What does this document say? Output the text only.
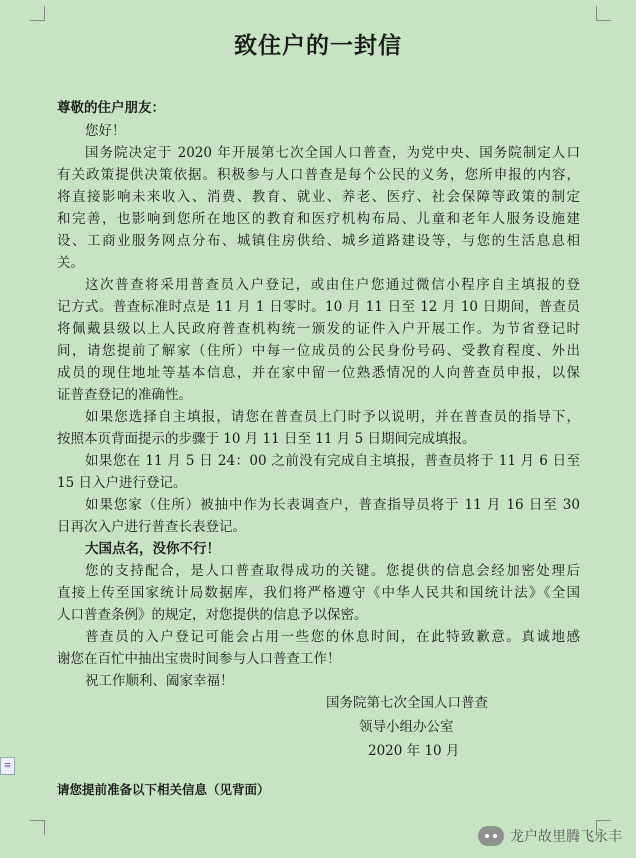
致住户的一封信
尊敬的住户朋友：
您好！
国务院决定于 2020 年开展第七次全国人口普查，为党中央、国务院制定人口
有关政策提供决策依据。积极参与人口普查是每个公民的义务，您所申报的内容，
将直接影响未来收入、消费、教育、就业、养老、医疗、社会保障等政策的制定
和完善，也影响到您所在地区的教育和医疗机构布局、儿童和老年人服务设施建
设、工商业服务网点分布、城镇住房供给、城乡道路建设等，与您的生活息息相
关。
这次普查将采用普查员入户登记，或由住户您通过微信小程序自主填报的登
记方式。普查标准时点是 11 月 1 日零时。10 月 11 日至 12 月 10 日期间，普查员
将佩戴县级以上人民政府普查机构统一颁发的证件入户开展工作。为节省登记时
间，请您提前了解家（住所）中每一位成员的公民身份号码、受教育程度、外出
成员的现住地址等基本信息，并在家中留一位熟悉情况的人向普查员申报，以保
证普查登记的准确性。
如果您选择自主填报，请您在普查员上门时予以说明，并在普查员的指导下，
按照本页背面提示的步骤于 10 月 11 日至 11 月 5 日期间完成填报。
如果您在 11 月 5 日 24：00 之前没有完成自主填报，普查员将于 11 月 6 日至
15 日入户进行登记。
如果您家（住所）被抽中作为长表调查户，普查指导员将于 11 月 16 日至 30
日再次入户进行普查长表登记。
大国点名，没你不行！
您的支持配合，是人口普查取得成功的关键。您提供的信息会经加密处理后
直接上传至国家统计局数据库，我们将严格遵守《中华人民共和国统计法》《全国
人口普查条例》的规定，对您提供的信息予以保密。
普查员的入户登记可能会占用一些您的休息时间，在此特致歉意。真诚地感
谢您在百忙中抽出宝贵时间参与人口普查工作！
祝工作顺利、阖家幸福！
国务院第七次全国人口普查
领导小组办公室
2020 年 10 月
≡
请您提前准备以下相关信息（见背面）
龙户故里腾飞永丰
